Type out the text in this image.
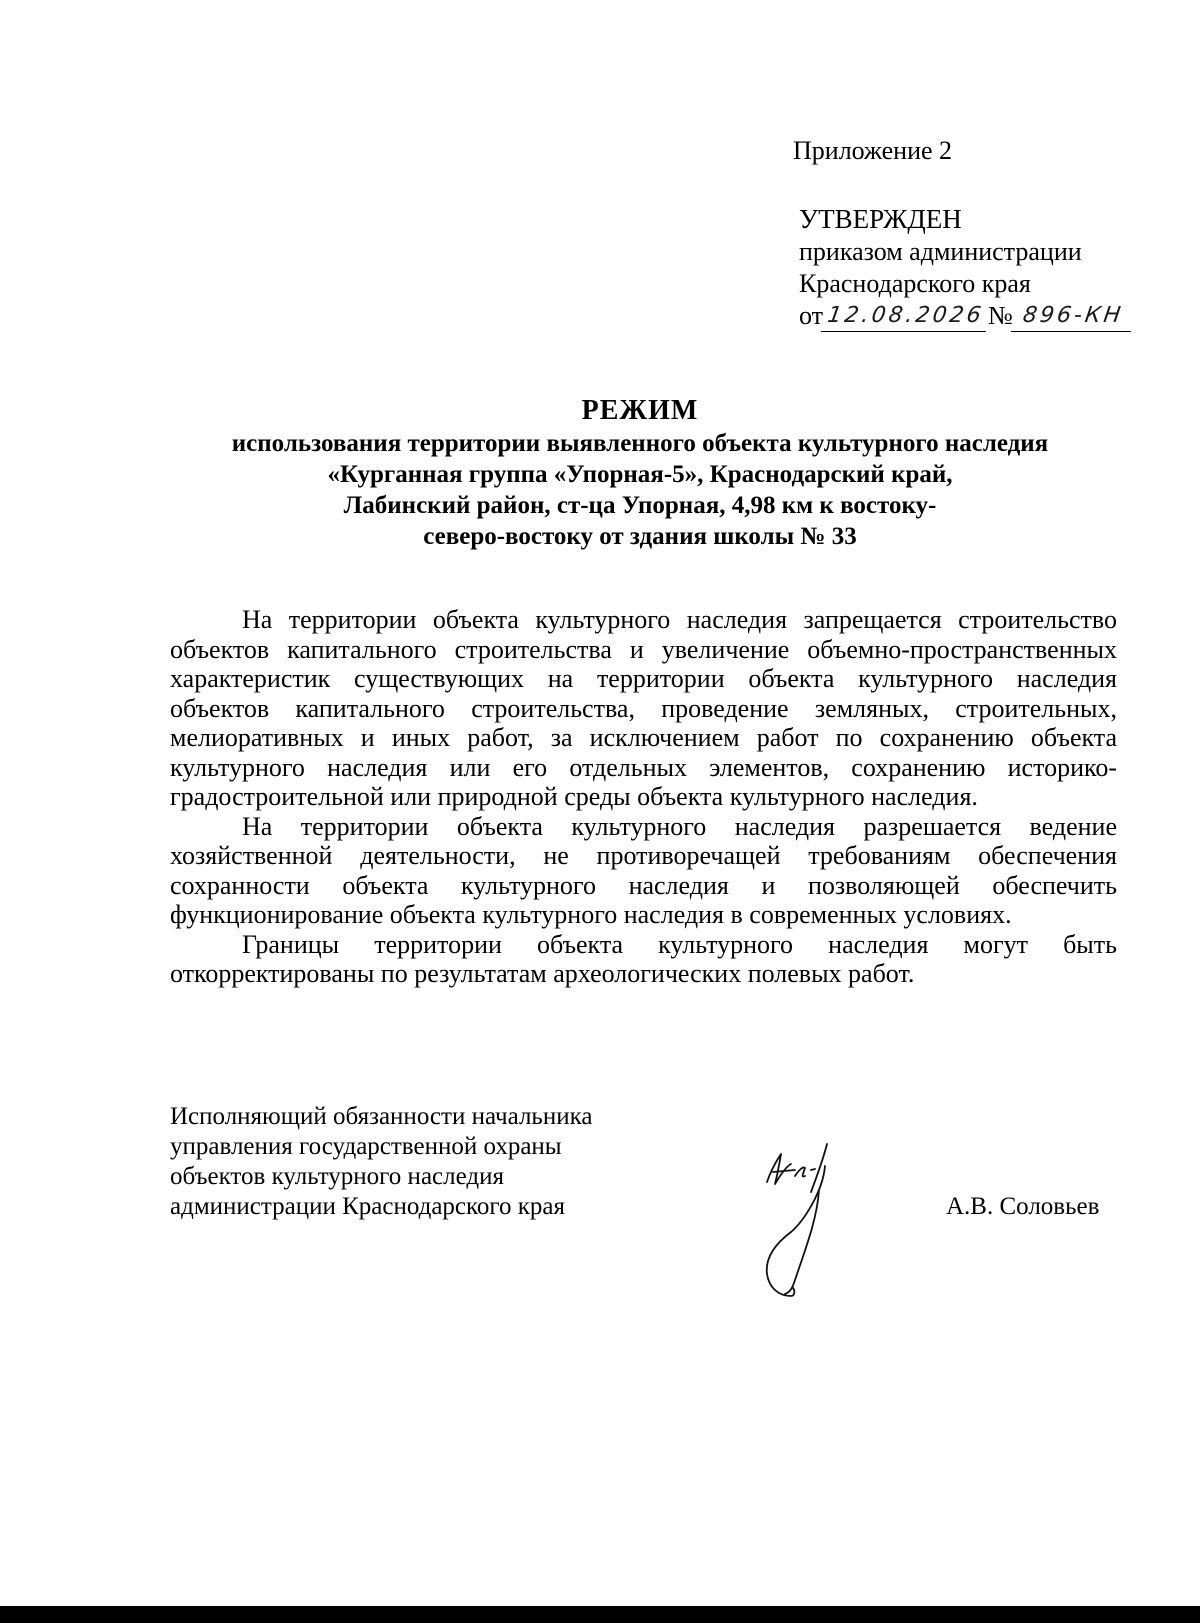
Приложение 2
УТВЕРЖДЕН
приказом администрации
Краснодарского края
от 12.08.2026 № 896-КН
РЕЖИМ
использования территории выявленного объекта культурного наследия
«Курганная группа «Упорная-5», Краснодарский край,
Лабинский район, ст-ца Упорная, 4,98 км к востоку-
северо-востоку от здания школы № 33

На территории объекта культурного наследия запрещается строительство объектов капитального строительства и увеличение объемно-пространственных характеристик существующих на территории объекта культурного наследия объектов капитального строительства, проведение земляных, строительных, мелиоративных и иных работ, за исключением работ по сохранению объекта культурного наследия или его отдельных элементов, сохранению историко-градостроительной или природной среды объекта культурного наследия.

На территории объекта культурного наследия разрешается ведение хозяйственной деятельности, не противоречащей требованиям обеспечения сохранности объекта культурного наследия и позволяющей обеспечить функционирование объекта культурного наследия в современных условиях.

Границы территории объекта культурного наследия могут быть откорректированы по результатам археологических полевых работ.

Исполняющий обязанности начальника
управления государственной охраны
объектов культурного наследия
администрации Краснодарского края	А.В. Соловьев
